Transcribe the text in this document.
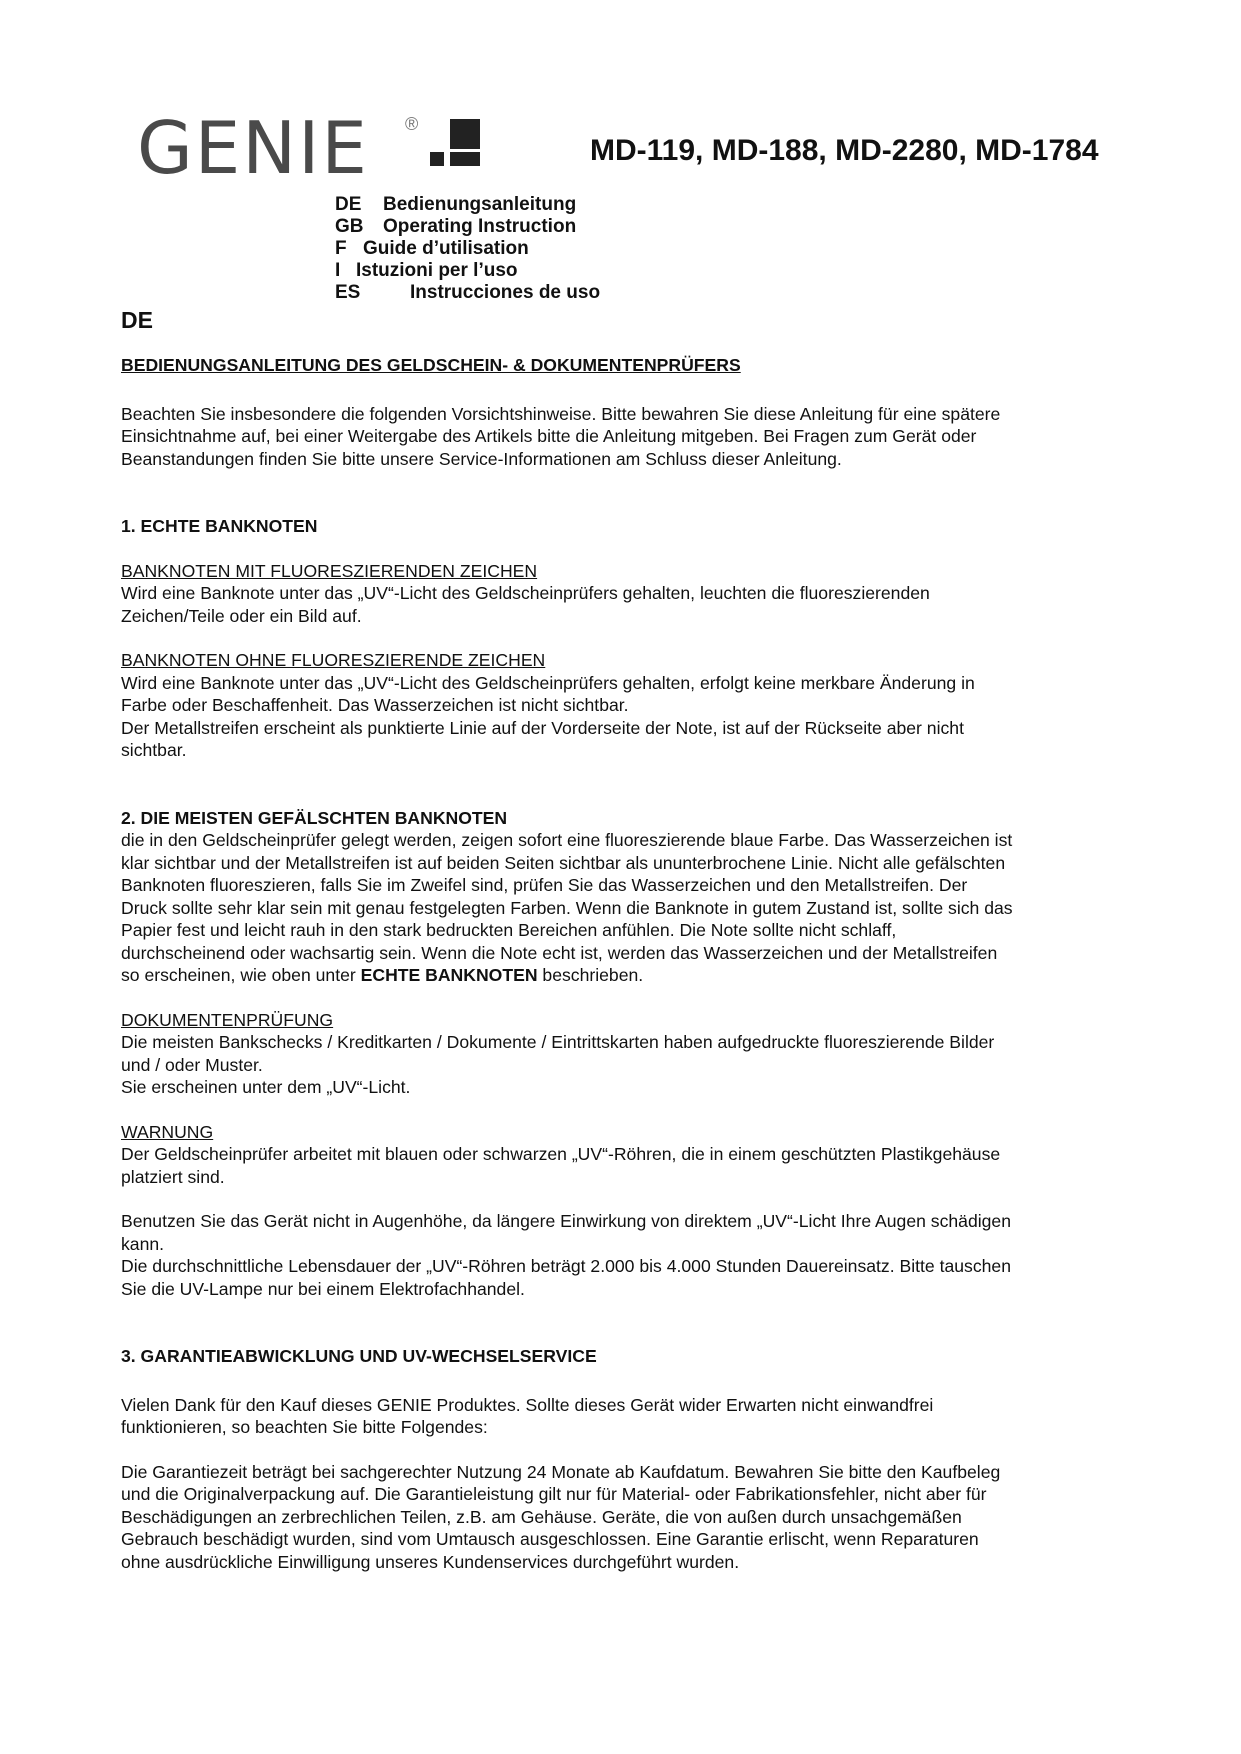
GENIE ®
MD-119, MD-188, MD-2280, MD-1784
DE Bedienungsanleitung
GB Operating Instruction
F Guide d’utilisation
I Istuzioni per l’uso
ES	Instrucciones de uso
DE
BEDIENUNGSANLEITUNG DES GELDSCHEIN- & DOKUMENTENPRÜFERS
Beachten Sie insbesondere die folgenden Vorsichtshinweise. Bitte bewahren Sie diese Anleitung für eine spätere
Einsichtnahme auf, bei einer Weitergabe des Artikels bitte die Anleitung mitgeben. Bei Fragen zum Gerät oder
Beanstandungen finden Sie bitte unsere Service-Informationen am Schluss dieser Anleitung.
1. ECHTE BANKNOTEN
BANKNOTEN MIT FLUORESZIERENDEN ZEICHEN
Wird eine Banknote unter das „UV“-Licht des Geldscheinprüfers gehalten, leuchten die fluoreszierenden
Zeichen/Teile oder ein Bild auf.
BANKNOTEN OHNE FLUORESZIERENDE ZEICHEN
Wird eine Banknote unter das „UV“-Licht des Geldscheinprüfers gehalten, erfolgt keine merkbare Änderung in
Farbe oder Beschaffenheit. Das Wasserzeichen ist nicht sichtbar.
Der Metallstreifen erscheint als punktierte Linie auf der Vorderseite der Note, ist auf der Rückseite aber nicht
sichtbar.
2. DIE MEISTEN GEFÄLSCHTEN BANKNOTEN
die in den Geldscheinprüfer gelegt werden, zeigen sofort eine fluoreszierende blaue Farbe. Das Wasserzeichen ist
klar sichtbar und der Metallstreifen ist auf beiden Seiten sichtbar als ununterbrochene Linie. Nicht alle gefälschten
Banknoten fluoreszieren, falls Sie im Zweifel sind, prüfen Sie das Wasserzeichen und den Metallstreifen. Der
Druck sollte sehr klar sein mit genau festgelegten Farben. Wenn die Banknote in gutem Zustand ist, sollte sich das
Papier fest und leicht rauh in den stark bedruckten Bereichen anfühlen. Die Note sollte nicht schlaff,
durchscheinend oder wachsartig sein. Wenn die Note echt ist, werden das Wasserzeichen und der Metallstreifen
so erscheinen, wie oben unter ECHTE BANKNOTEN beschrieben.
DOKUMENTENPRÜFUNG
Die meisten Bankschecks / Kreditkarten / Dokumente / Eintrittskarten haben aufgedruckte fluoreszierende Bilder
und / oder Muster.
Sie erscheinen unter dem „UV“-Licht.
WARNUNG
Der Geldscheinprüfer arbeitet mit blauen oder schwarzen „UV“-Röhren, die in einem geschützten Plastikgehäuse
platziert sind.
Benutzen Sie das Gerät nicht in Augenhöhe, da längere Einwirkung von direktem „UV“-Licht Ihre Augen schädigen
kann.
Die durchschnittliche Lebensdauer der „UV“-Röhren beträgt 2.000 bis 4.000 Stunden Dauereinsatz. Bitte tauschen
Sie die UV-Lampe nur bei einem Elektrofachhandel.
3. GARANTIEABWICKLUNG UND UV-WECHSELSERVICE
Vielen Dank für den Kauf dieses GENIE Produktes. Sollte dieses Gerät wider Erwarten nicht einwandfrei
funktionieren, so beachten Sie bitte Folgendes:
Die Garantiezeit beträgt bei sachgerechter Nutzung 24 Monate ab Kaufdatum. Bewahren Sie bitte den Kaufbeleg
und die Originalverpackung auf. Die Garantieleistung gilt nur für Material- oder Fabrikationsfehler, nicht aber für
Beschädigungen an zerbrechlichen Teilen, z.B. am Gehäuse. Geräte, die von außen durch unsachgemäßen
Gebrauch beschädigt wurden, sind vom Umtausch ausgeschlossen. Eine Garantie erlischt, wenn Reparaturen
ohne ausdrückliche Einwilligung unseres Kundenservices durchgeführt wurden.
